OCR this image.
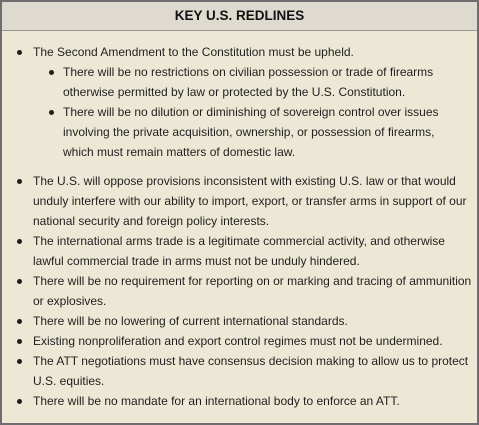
KEY U.S. REDLINES
The Second Amendment to the Constitution must be upheld.
There will be no restrictions on civilian possession or trade of firearms otherwise permitted by law or protected by the U.S. Constitution.
There will be no dilution or diminishing of sovereign control over issues involving the private acquisition, ownership, or possession of firearms, which must remain matters of domestic law.
The U.S. will oppose provisions inconsistent with existing U.S. law or that would unduly interfere with our ability to import, export, or transfer arms in support of our national security and foreign policy interests.
The international arms trade is a legitimate commercial activity, and otherwise lawful commercial trade in arms must not be unduly hindered.
There will be no requirement for reporting on or marking and tracing of ammunition or explosives.
There will be no lowering of current international standards.
Existing nonproliferation and export control regimes must not be undermined.
The ATT negotiations must have consensus decision making to allow us to protect U.S. equities.
There will be no mandate for an international body to enforce an ATT.
